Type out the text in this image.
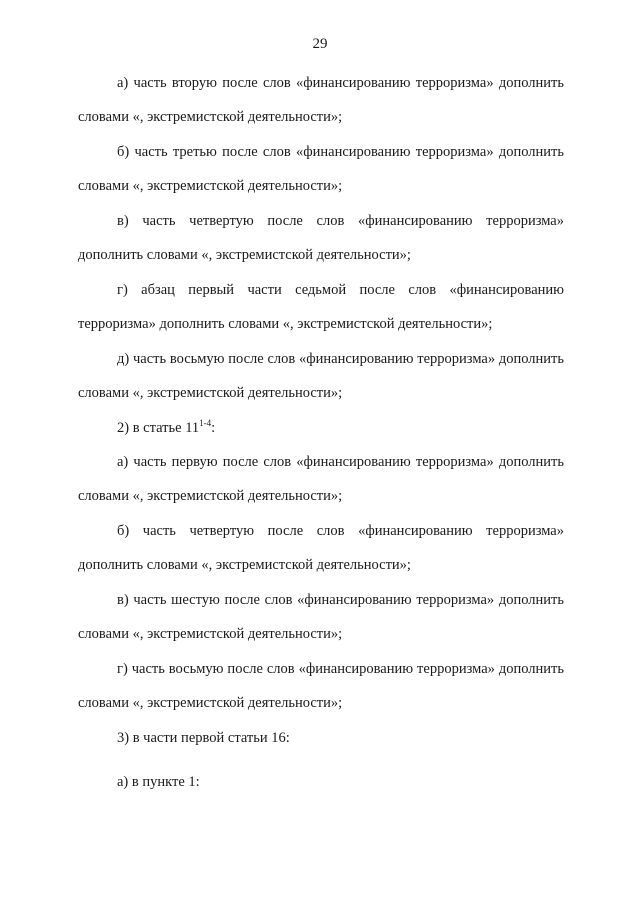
29

а) часть вторую после слов «финансированию терроризма» дополнить словами «, экстремистской деятельности»;

б) часть третью после слов «финансированию терроризма» дополнить словами «, экстремистской деятельности»;

в) часть четвертую после слов «финансированию терроризма» дополнить словами «, экстремистской деятельности»;

г) абзац первый части седьмой после слов «финансированию терроризма» дополнить словами «, экстремистской деятельности»;

д) часть восьмую после слов «финансированию терроризма» дополнить словами «, экстремистской деятельности»;

2) в статье 11$^{1-4}$:

а) часть первую после слов «финансированию терроризма» дополнить словами «, экстремистской деятельности»;

б) часть четвертую после слов «финансированию терроризма» дополнить словами «, экстремистской деятельности»;

в) часть шестую после слов «финансированию терроризма» дополнить словами «, экстремистской деятельности»;

г) часть восьмую после слов «финансированию терроризма» дополнить словами «, экстремистской деятельности»;

3) в части первой статьи 16:

а) в пункте 1:
